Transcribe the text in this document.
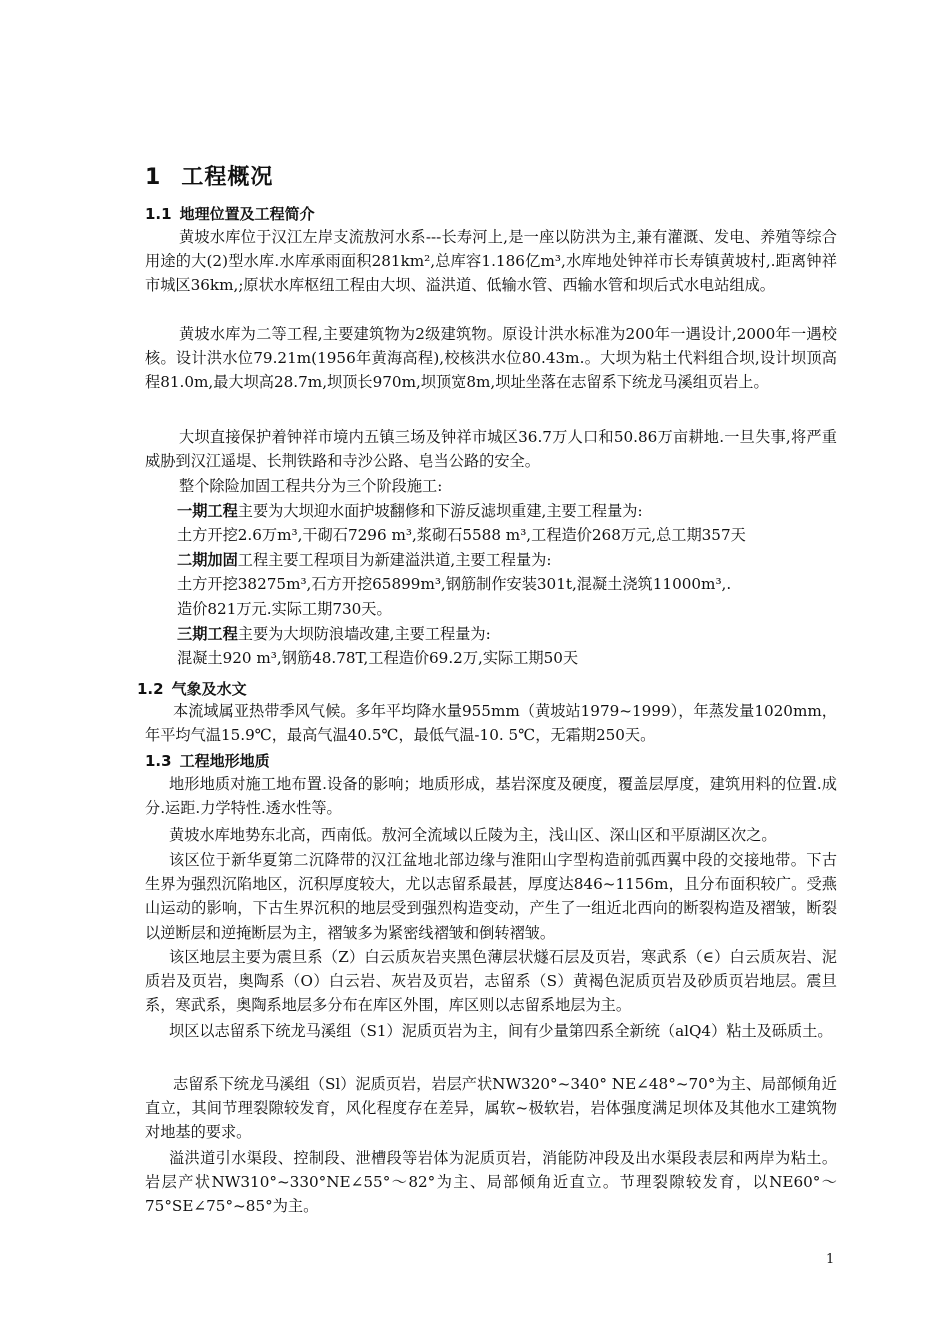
1 工程概况
1.1 地理位置及工程简介
黄坡水库位于汉江左岸支流敖河水系---长寿河上,是一座以防洪为主,兼有灌溉、发电、养殖等综合用途的大(2)型水库.水库承雨面积281km²,总库容1.186亿m³,水库地处钟祥市长寿镇黄坡村,.距离钟祥市城区36km,;原状水库枢纽工程由大坝、溢洪道、低输水管、西输水管和坝后式水电站组成。
黄坡水库为二等工程,主要建筑物为2级建筑物。原设计洪水标准为200年一遇设计,2000年一遇校核。设计洪水位79.21m(1956年黄海高程),校核洪水位80.43m.。大坝为粘土代料组合坝,设计坝顶高程81.0m,最大坝高28.7m,坝顶长970m,坝顶宽8m,坝址坐落在志留系下统龙马溪组页岩上。
大坝直接保护着钟祥市境内五镇三场及钟祥市城区36.7万人口和50.86万亩耕地.一旦失事,将严重威胁到汉江遥堤、长荆铁路和寺沙公路、皂当公路的安全。
整个除险加固工程共分为三个阶段施工:
一期工程主要为大坝迎水面护坡翻修和下游反滤坝重建,主要工程量为:
土方开挖2.6万m³,干砌石7296 m³,浆砌石5588 m³,工程造价268万元,总工期357天
二期加固工程主要工程项目为新建溢洪道,主要工程量为:
土方开挖38275m³,石方开挖65899m³,钢筋制作安装301t,混凝土浇筑11000m³,.
造价821万元.实际工期730天。
三期工程主要为大坝防浪墙改建,主要工程量为:
混凝土920 m³,钢筋48.78T,工程造价69.2万,实际工期50天
1.2 气象及水文
本流域属亚热带季风气候。多年平均降水量955mm（黄坡站1979~1999），年蒸发量1020mm，年平均气温15.9℃，最高气温40.5℃，最低气温-10. 5℃，无霜期250天。
1.3 工程地形地质
地形地质对施工地布置.设备的影响；地质形成，基岩深度及硬度，覆盖层厚度，建筑用料的位置.成分.运距.力学特性.透水性等。
黄坡水库地势东北高，西南低。敖河全流域以丘陵为主，浅山区、深山区和平原湖区次之。
该区位于新华夏第二沉降带的汉江盆地北部边缘与淮阳山字型构造前弧西翼中段的交接地带。下古生界为强烈沉陷地区，沉积厚度较大，尤以志留系最甚，厚度达846~1156m，且分布面积较广。受燕山运动的影响，下古生界沉积的地层受到强烈构造变动，产生了一组近北西向的断裂构造及褶皱，断裂以逆断层和逆掩断层为主，褶皱多为紧密线褶皱和倒转褶皱。
该区地层主要为震旦系（Z）白云质灰岩夹黑色薄层状燧石层及页岩，寒武系（∈）白云质灰岩、泥质岩及页岩，奥陶系（O）白云岩、灰岩及页岩，志留系（S）黄褐色泥质页岩及砂质页岩地层。震旦系，寒武系，奥陶系地层多分布在库区外围，库区则以志留系地层为主。
坝区以志留系下统龙马溪组（S1）泥质页岩为主，间有少量第四系全新统（alQ4）粘土及砾质土。
志留系下统龙马溪组（Sl）泥质页岩，岩层产状NW320°~340° NE∠48°~70°为主、局部倾角近直立，其间节理裂隙较发育，风化程度存在差异，属软~极软岩，岩体强度满足坝体及其他水工建筑物对地基的要求。
溢洪道引水渠段、控制段、泄槽段等岩体为泥质页岩，消能防冲段及出水渠段表层和两岸为粘土。岩层产状NW310°~330°NE∠55°～82°为主、局部倾角近直立。节理裂隙较发育，以NE60°～75°SE∠75°~85°为主。
1
